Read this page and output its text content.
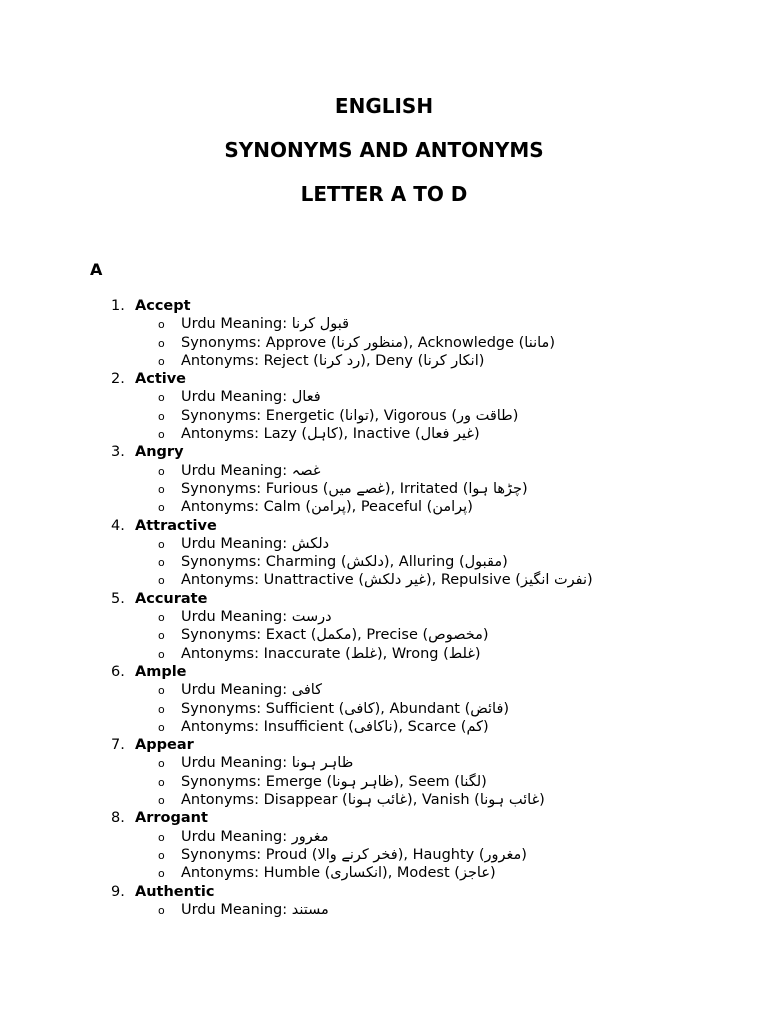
ENGLISH
SYNONYMS AND ANTONYMS
LETTER A TO D
A
1. Accept
o Urdu Meaning: قبول کرنا
o Synonyms: Approve (منظور کرنا), Acknowledge (ماننا)
o Antonyms: Reject (رد کرنا), Deny (انکار کرنا)
2. Active
o Urdu Meaning: فعال
o Synonyms: Energetic (توانا), Vigorous (طاقت ور)
o Antonyms: Lazy (کاہل), Inactive (غیر فعال)
3. Angry
o Urdu Meaning: غصہ
o Synonyms: Furious (غصے میں), Irritated (چڑھا ہوا)
o Antonyms: Calm (پرامن), Peaceful (پرامن)
4. Attractive
o Urdu Meaning: دلکش
o Synonyms: Charming (دلکش), Alluring (مقبول)
o Antonyms: Unattractive (غیر دلکش), Repulsive (نفرت انگیز)
5. Accurate
o Urdu Meaning: درست
o Synonyms: Exact (مکمل), Precise (مخصوص)
o Antonyms: Inaccurate (غلط), Wrong (غلط)
6. Ample
o Urdu Meaning: کافی
o Synonyms: Sufficient (کافی), Abundant (فائض)
o Antonyms: Insufficient (ناکافی), Scarce (کم)
7. Appear
o Urdu Meaning: ظاہر ہونا
o Synonyms: Emerge (ظاہر ہونا), Seem (لگنا)
o Antonyms: Disappear (غائب ہونا), Vanish (غائب ہونا)
8. Arrogant
o Urdu Meaning: مغرور
o Synonyms: Proud (فخر کرنے والا), Haughty (مغرور)
o Antonyms: Humble (انکساری), Modest (عاجز)
9. Authentic
o Urdu Meaning: مستند
